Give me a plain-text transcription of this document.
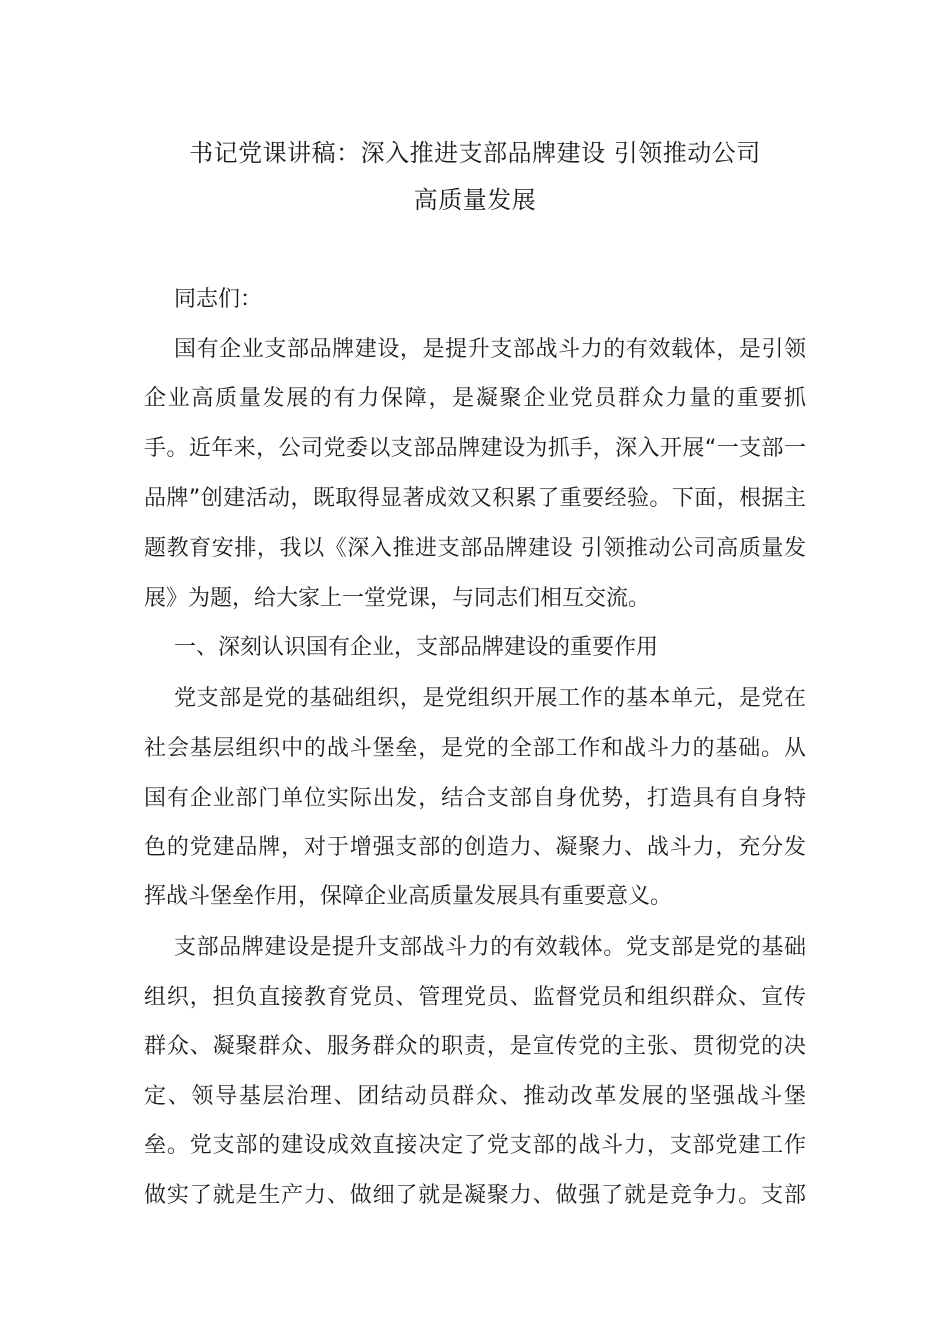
书记党课讲稿：深入推进支部品牌建设 引领推动公司
高质量发展
同志们：
国有企业支部品牌建设，是提升支部战斗力的有效载体，是引领
企业高质量发展的有力保障，是凝聚企业党员群众力量的重要抓
手。近年来，公司党委以支部品牌建设为抓手，深入开展“一支部一
品牌”创建活动，既取得显著成效又积累了重要经验。下面，根据主
题教育安排，我以《深入推进支部品牌建设 引领推动公司高质量发
展》为题，给大家上一堂党课，与同志们相互交流。
一、深刻认识国有企业，支部品牌建设的重要作用
党支部是党的基础组织，是党组织开展工作的基本单元，是党在
社会基层组织中的战斗堡垒，是党的全部工作和战斗力的基础。从
国有企业部门单位实际出发，结合支部自身优势，打造具有自身特
色的党建品牌，对于增强支部的创造力、凝聚力、战斗力，充分发
挥战斗堡垒作用，保障企业高质量发展具有重要意义。
支部品牌建设是提升支部战斗力的有效载体。党支部是党的基础
组织，担负直接教育党员、管理党员、监督党员和组织群众、宣传
群众、凝聚群众、服务群众的职责，是宣传党的主张、贯彻党的决
定、领导基层治理、团结动员群众、推动改革发展的坚强战斗堡
垒。党支部的建设成效直接决定了党支部的战斗力，支部党建工作
做实了就是生产力、做细了就是凝聚力、做强了就是竞争力。支部
